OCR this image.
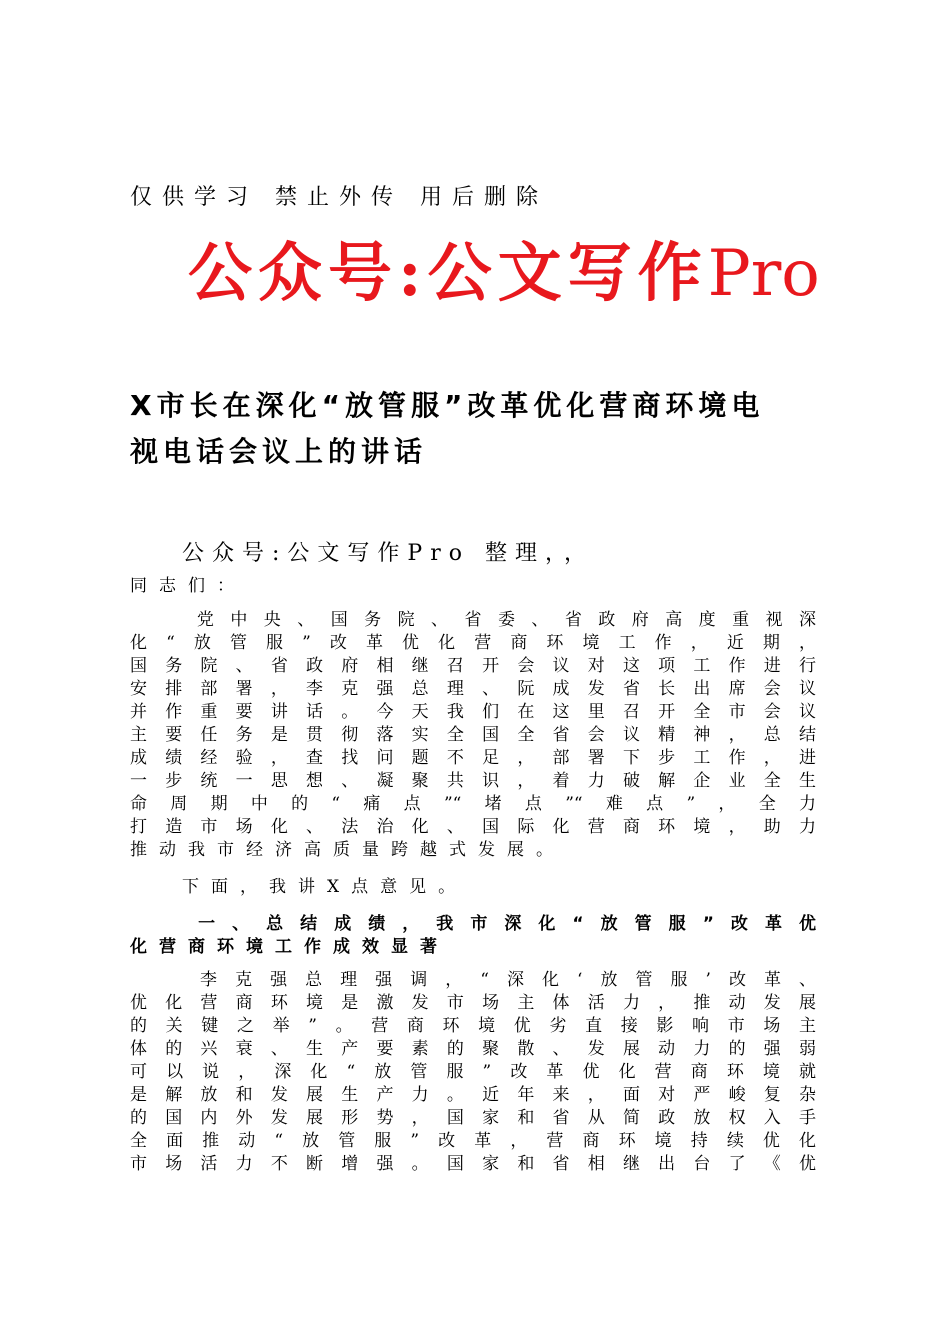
仅供学习 禁止外传 用后删除
公众号:公文写作Pro
X市长在深化“放管服”改革优化营商环境电
视电话会议上的讲话
公众号:公文写作Pro 整理，，
同志们：
　　党中央、国务院、省委、省政府高度重视深
化“放管服”改革优化营商环境工作，近期，
国务院、省政府相继召开会议对这项工作进行
安排部署，李克强总理、阮成发省长出席会议
并作重要讲话。今天我们在这里召开全市会议
主要任务是贯彻落实全国全省会议精神，总结
成绩经验，查找问题不足，部署下步工作，进
一步统一思想、凝聚共识，着力破解企业全生
命周期中的“痛点”“堵点”“难点”，全力
打造市场化、法治化、国际化营商环境，助力
推动我市经济高质量跨越式发展。
下面，我讲X点意见。
　　一、总结成绩，我市深化“放管服”改革优
化营商环境工作成效显著
　　李克强总理强调，“深化‘放管服’改革、
优化营商环境是激发市场主体活力，推动发展
的关键之举”。营商环境优劣直接影响市场主
体的兴衰、生产要素的聚散、发展动力的强弱
可以说，深化“放管服”改革优化营商环境就
是解放和发展生产力。近年来，面对严峻复杂
的国内外发展形势，国家和省从简政放权入手
全面推动“放管服”改革，营商环境持续优化
市场活力不断增强。国家和省相继出台了《优
